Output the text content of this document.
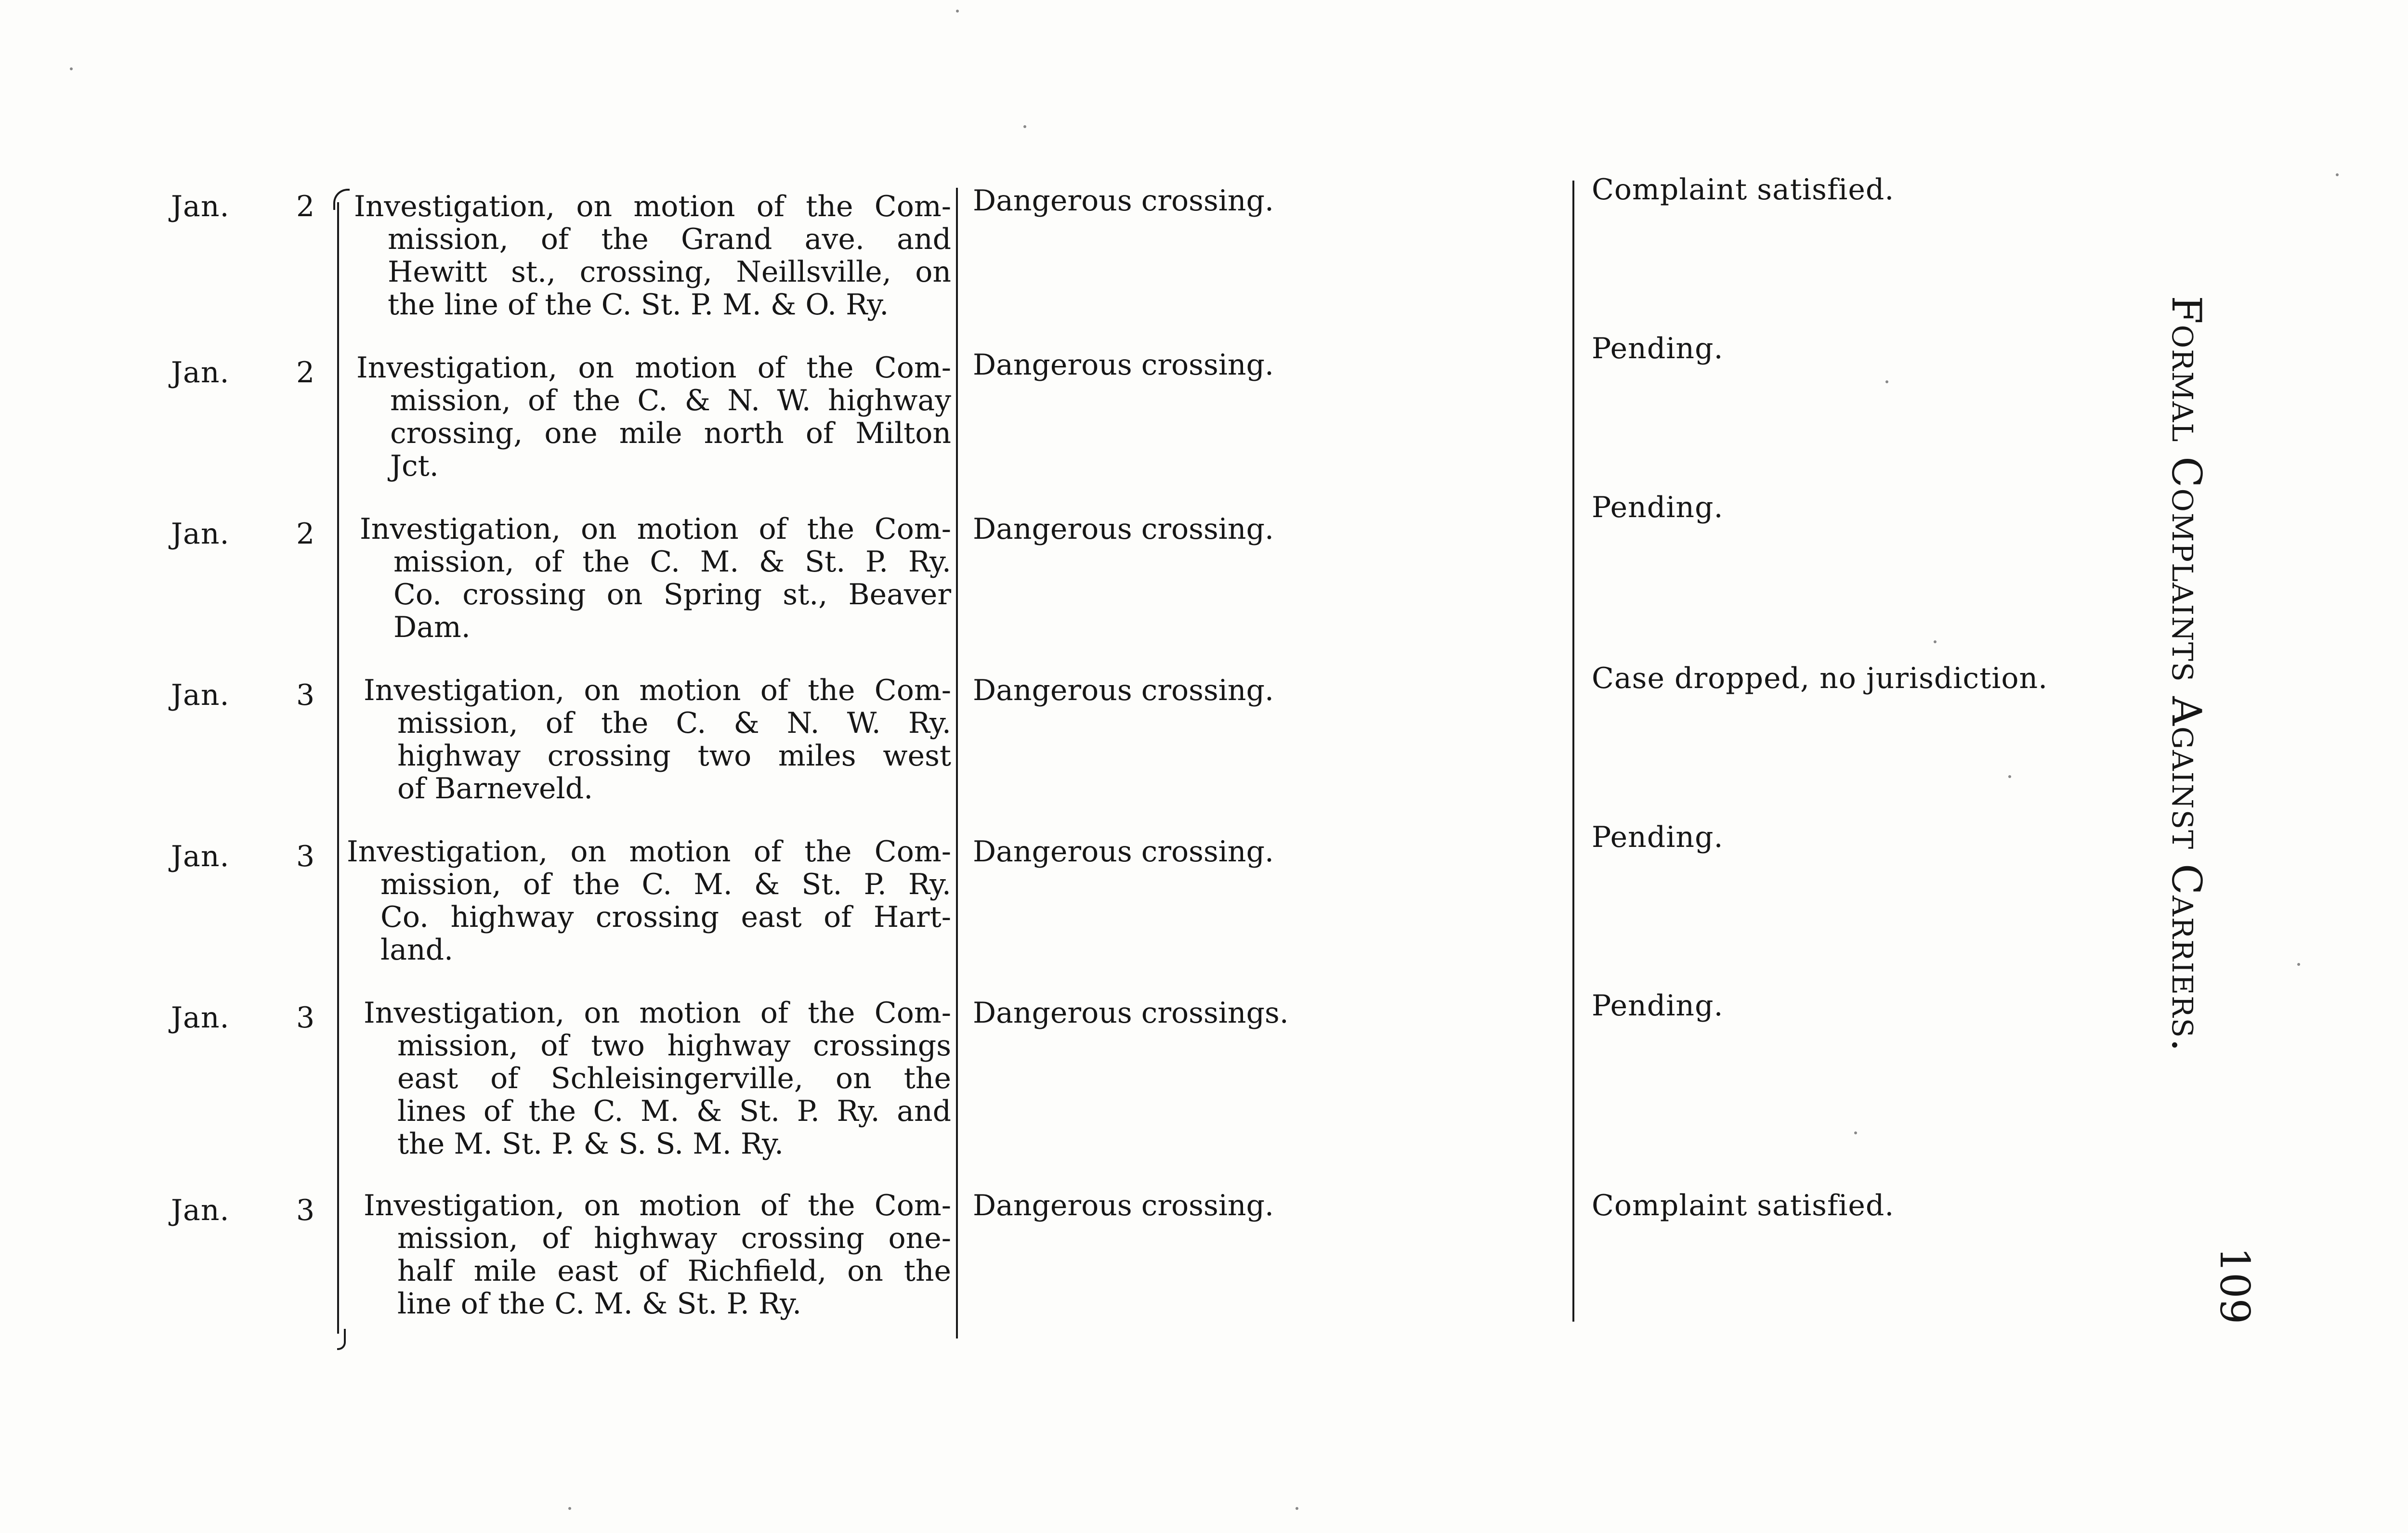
Jan. 2 Investigation, on motion of the Com-
mission, of the Grand ave. and
Hewitt st., crossing, Neillsville, on
the line of the C. St. P. M. & O. Ry.
Dangerous crossing.	Complaint satisfied.
Jan. 2 Investigation, on motion of the Com-
mission, of the C. & N. W. highway
crossing, one mile north of Milton
Jct.
Dangerous crossing.	Pending.
Jan. 2 Investigation, on motion of the Com-
mission, of the C. M. & St. P. Ry.
Co. crossing on Spring st., Beaver
Dam.
Dangerous crossing.
Pending.
Jan. 3 Investigation, on motion of the Com-
mission, of the C. & N. W. Ry.
highway crossing two miles west
of Barneveld.
Dangerous crossing.	Case dropped, no jurisdiction.
Jan. 3 Investigation, on motion of the Com-
mission, of the C. M. & St. P. Ry.
Co. highway crossing east of Hart-
land.
Dangerous crossing.	Pending.
Jan. 3 Investigation, on motion of the Com-
mission, of two highway crossings
east of Schleisingerville, on the
lines of the C. M. & St. P. Ry. and
the M. St. P. & S. S. M. Ry.
Dangerous crossings.	Pending.
Jan. 3 Investigation, on motion of the Com-
mission, of highway crossing one-
half mile east of Richfield, on the
line of the C. M. & St. P. Ry.
Dangerous crossing.	Complaint satisfied.
Formal Complaints Against Carriers.
109
